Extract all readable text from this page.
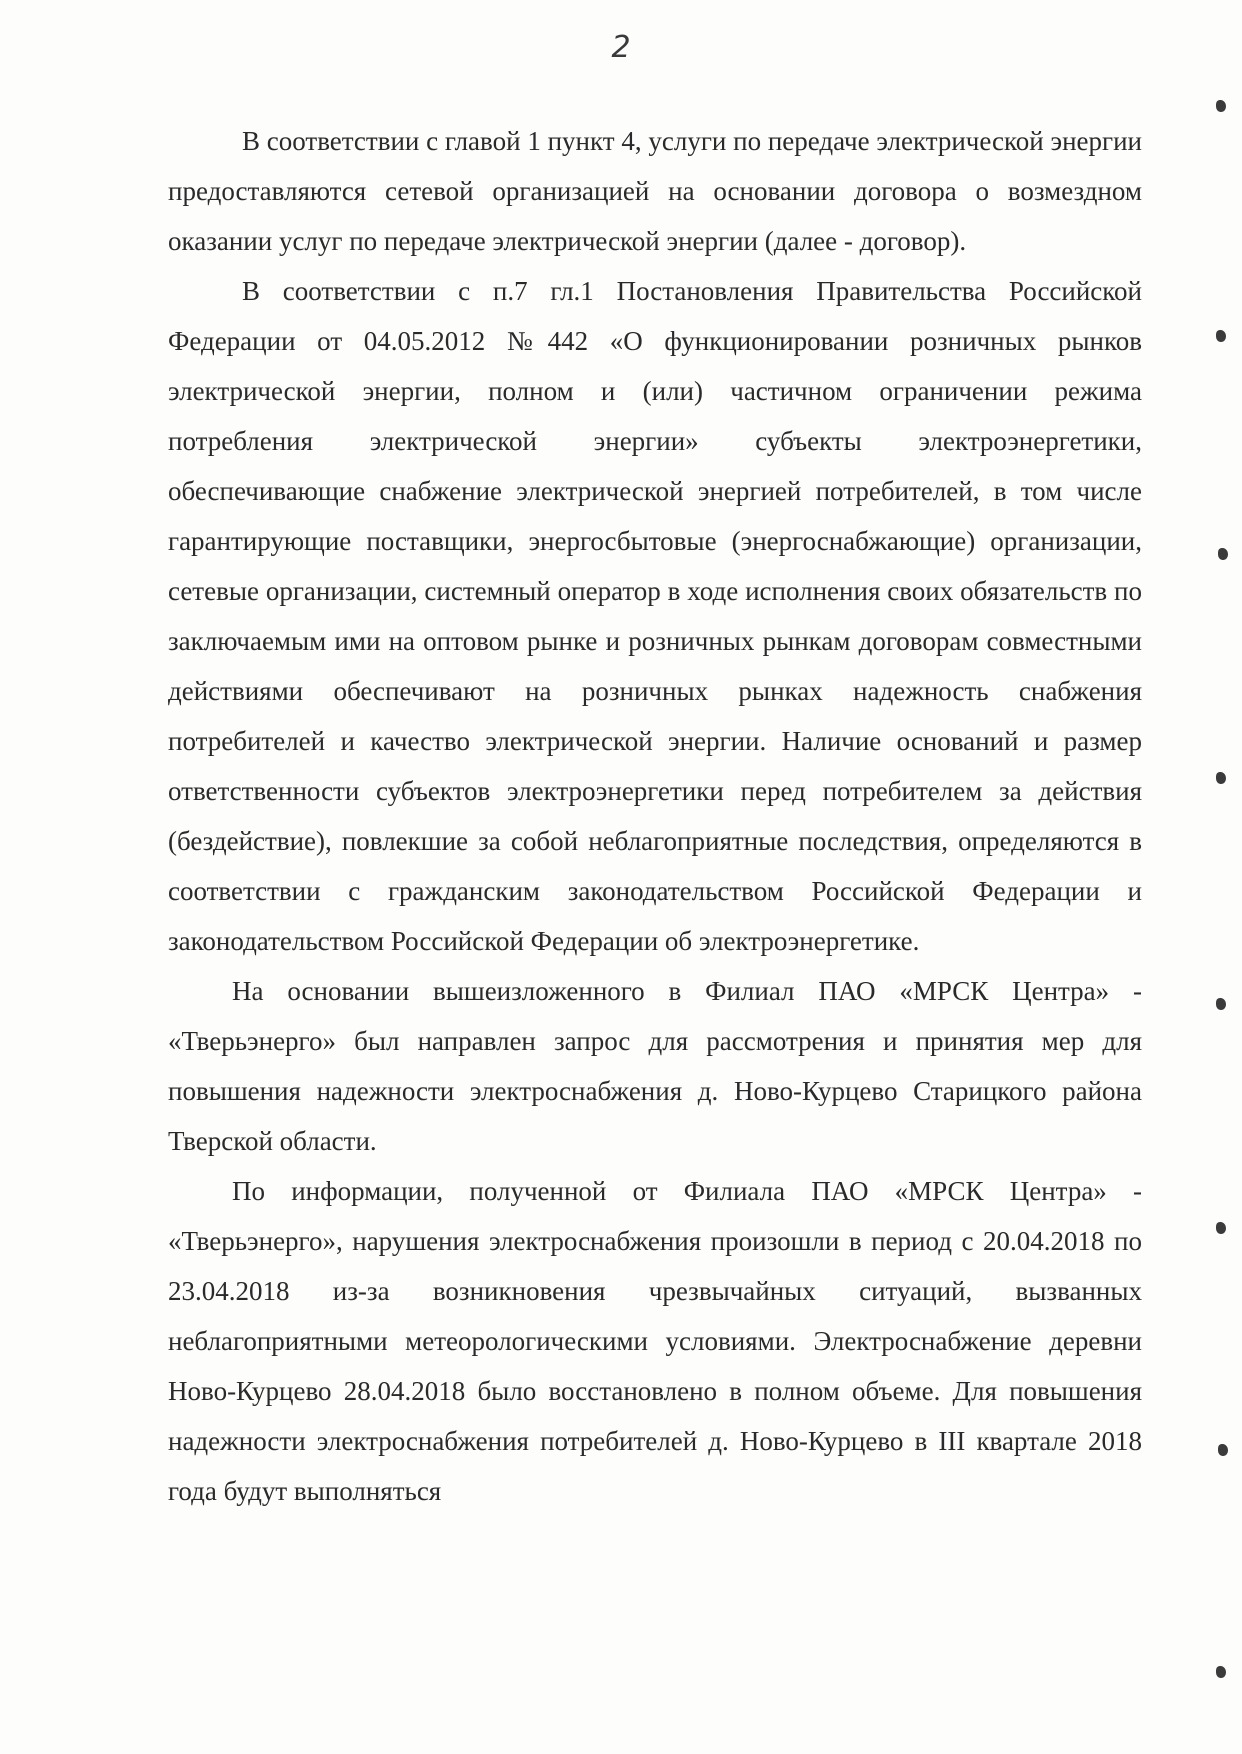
2

В соответствии с главой 1 пункт 4, услуги по передаче электрической энергии предоставляются сетевой организацией на основании договора о возмездном оказании услуг по передаче электрической энергии (далее - договор).

В соответствии с п.7 гл.1 Постановления Правительства Российской Федерации от 04.05.2012 №442 «О функционировании розничных рынков электрической энергии, полном и (или) частичном ограничении режима потребления электрической энергии» субъекты электроэнергетики, обеспечивающие снабжение электрической энергией потребителей, в том числе гарантирующие поставщики, энергосбытовые (энергоснабжающие) организации, сетевые организации, системный оператор в ходе исполнения своих обязательств по заключаемым ими на оптовом рынке и розничных рынкам договорам совместными действиями обеспечивают на розничных рынках надежность снабжения потребителей и качество электрической энергии. Наличие оснований и размер ответственности субъектов электроэнергетики перед потребителем за действия (бездействие), повлекшие за собой неблагоприятные последствия, определяются в соответствии с гражданским законодательством Российской Федерации и законодательством Российской Федерации об электроэнергетике.

На основании вышеизложенного в Филиал ПАО «МРСК Центра» - «Тверьэнерго» был направлен запрос для рассмотрения и принятия мер для повышения надежности электроснабжения д. Ново-Курцево Старицкого района Тверской области.

По информации, полученной от Филиала ПАО «МРСК Центра» - «Тверьэнерго», нарушения электроснабжения произошли в период с 20.04.2018 по 23.04.2018 из-за возникновения чрезвычайных ситуаций, вызванных неблагоприятными метеорологическими условиями. Электроснабжение деревни Ново-Курцево 28.04.2018 было восстановлено в полном объеме. Для повышения надежности электроснабжения потребителей д. Ново-Курцево в III квартале 2018 года будут выполняться
